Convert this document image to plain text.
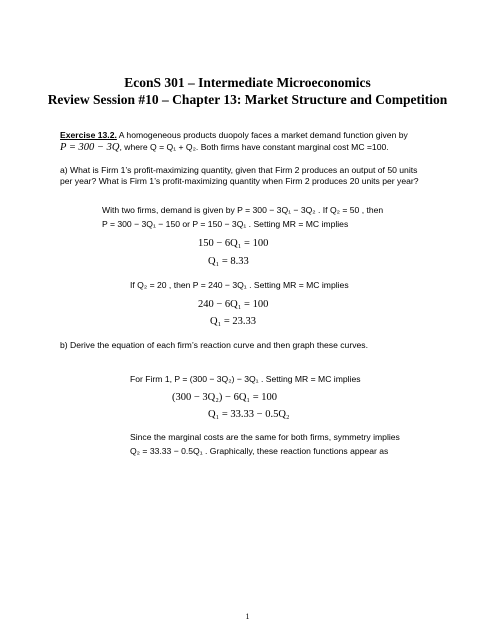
EconS 301 – Intermediate Microeconomics
Review Session #10 – Chapter 13: Market Structure and Competition
Exercise 13.2. A homogeneous products duopoly faces a market demand function given by
P = 300 − 3Q, where Q = Q₁ + Q₂. Both firms have constant marginal cost MC =100.
a) What is Firm 1’s profit-maximizing quantity, given that Firm 2 produces an output of 50 units
per year? What is Firm 1’s profit-maximizing quantity when Firm 2 produces 20 units per year?
With two firms, demand is given by P = 300 − 3Q₁ − 3Q₂ . If Q₂ = 50 , then
P = 300 − 3Q₁ − 150 or P = 150 − 3Q₁ . Setting MR = MC implies
150 − 6Q₁ = 100
Q₁ = 8.33
If Q₂ = 20 , then P = 240 − 3Q₁ . Setting MR = MC implies
240 − 6Q₁ = 100
Q₁ = 23.33
b) Derive the equation of each firm’s reaction curve and then graph these curves.
For Firm 1, P = (300 − 3Q₂) − 3Q₁ . Setting MR = MC implies
(300 − 3Q₂) − 6Q₁ = 100
Q₁ = 33.33 − 0.5Q₂
Since the marginal costs are the same for both firms, symmetry implies
Q₂ = 33.33 − 0.5Q₁ . Graphically, these reaction functions appear as
1
